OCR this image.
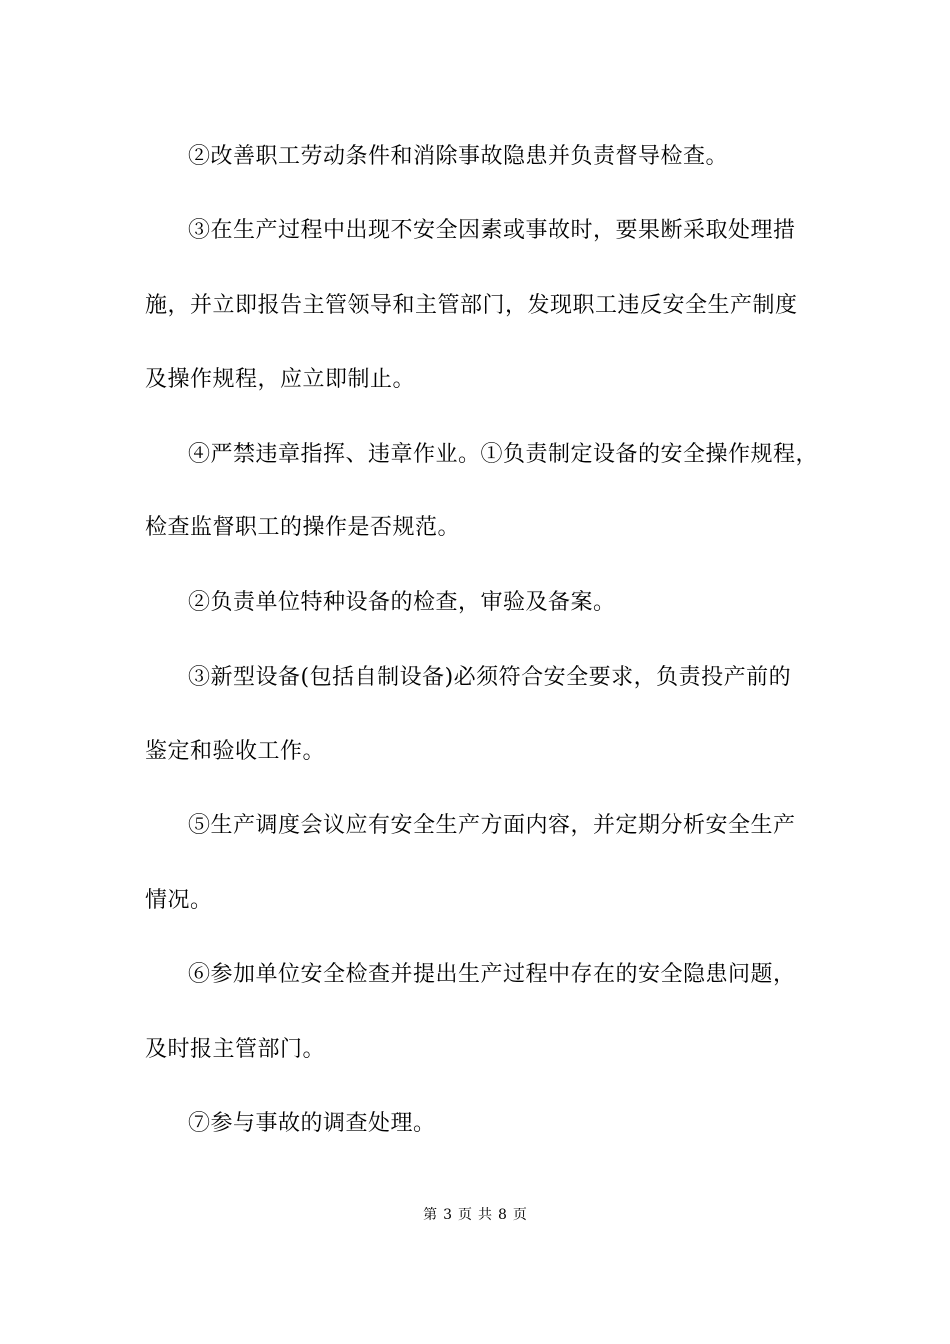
②改善职工劳动条件和消除事故隐患并负责督导检查。
③在生产过程中出现不安全因素或事故时，要果断采取处理措
施，并立即报告主管领导和主管部门，发现职工违反安全生产制度
及操作规程，应立即制止。
④严禁违章指挥、违章作业。①负责制定设备的安全操作规程，
检查监督职工的操作是否规范。
②负责单位特种设备的检查，审验及备案。
③新型设备(包括自制设备)必须符合安全要求，负责投产前的
鉴定和验收工作。
⑤生产调度会议应有安全生产方面内容，并定期分析安全生产
情况。
⑥参加单位安全检查并提出生产过程中存在的安全隐患问题，
及时报主管部门。
⑦参与事故的调查处理。
第 3 页 共 8 页
